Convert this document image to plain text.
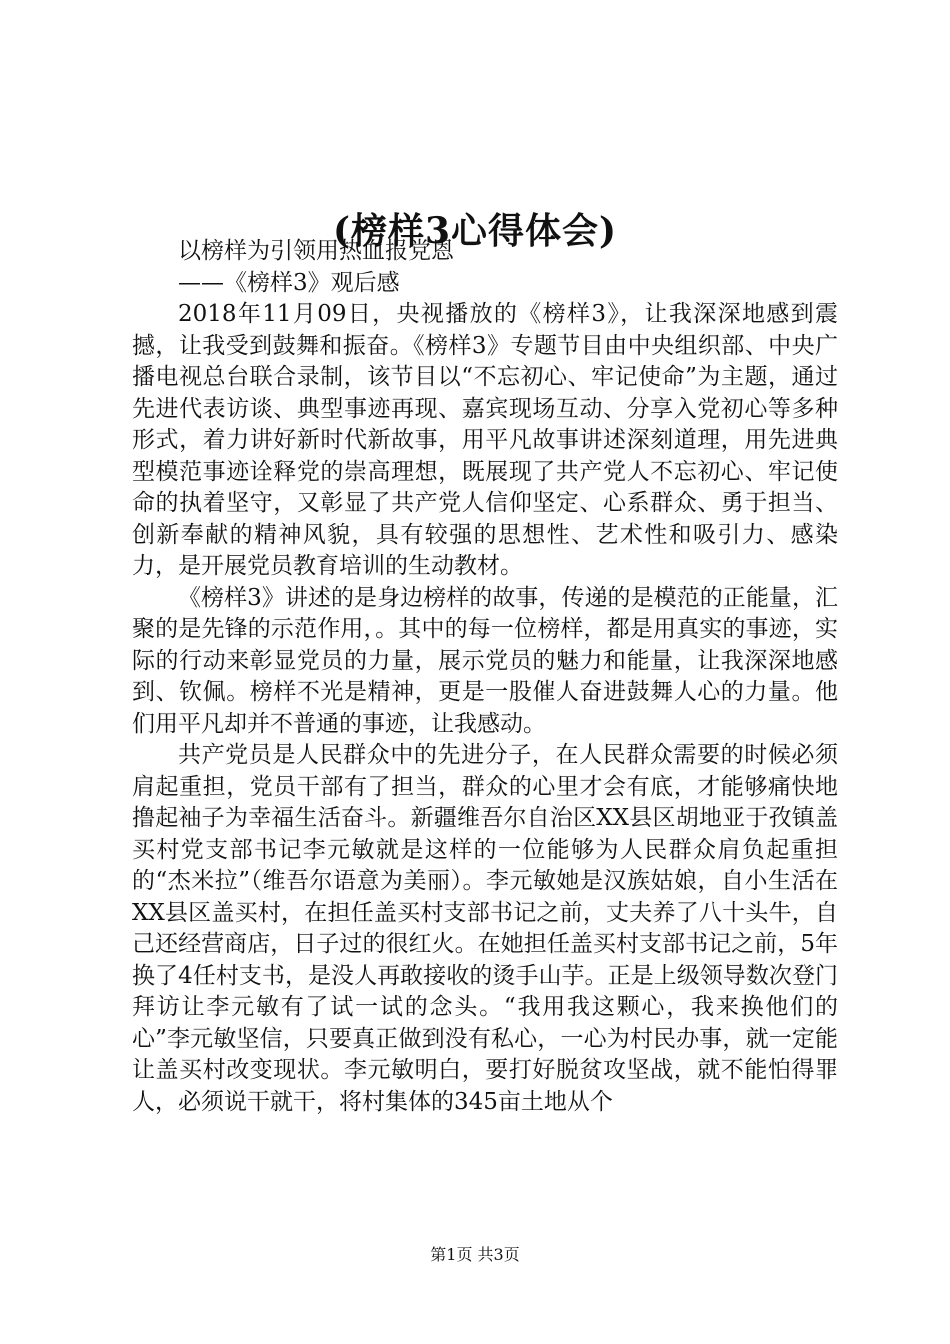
(榜样3心得体会)

以榜样为引领用热血报党恩

——《榜样3》观后感

2018年11月09日，央视播放的《榜样3》，让我深深地感到震撼，让我受到鼓舞和振奋。《榜样3》专题节目由中央组织部、中央广播电视总台联合录制，该节目以“不忘初心、牢记使命”为主题，通过先进代表访谈、典型事迹再现、嘉宾现场互动、分享入党初心等多种形式，着力讲好新时代新故事，用平凡故事讲述深刻道理，用先进典型模范事迹诠释党的崇高理想，既展现了共产党人不忘初心、牢记使命的执着坚守，又彰显了共产党人信仰坚定、心系群众、勇于担当、创新奉献的精神风貌，具有较强的思想性、艺术性和吸引力、感染力，是开展党员教育培训的生动教材。

《榜样3》讲述的是身边榜样的故事，传递的是模范的正能量，汇聚的是先锋的示范作用，。其中的每一位榜样，都是用真实的事迹，实际的行动来彰显党员的力量，展示党员的魅力和能量，让我深深地感到、钦佩。榜样不光是精神，更是一股催人奋进鼓舞人心的力量。他们用平凡却并不普通的事迹，让我感动。

共产党员是人民群众中的先进分子，在人民群众需要的时候必须肩起重担，党员干部有了担当，群众的心里才会有底，才能够痛快地撸起袖子为幸福生活奋斗。新疆维吾尔自治区XX县区胡地亚于孜镇盖买村党支部书记李元敏就是这样的一位能够为人民群众肩负起重担的“杰米拉”（维吾尔语意为美丽）。李元敏她是汉族姑娘，自小生活在XX县区盖买村，在担任盖买村支部书记之前，丈夫养了八十头牛，自己还经营商店，日子过的很红火。在她担任盖买村支部书记之前，5年换了4任村支书，是没人再敢接收的烫手山芋。正是上级领导数次登门拜访让李元敏有了试一试的念头。“我用我这颗心，我来换他们的心”李元敏坚信，只要真正做到没有私心，一心为村民办事，就一定能让盖买村改变现状。李元敏明白，要打好脱贫攻坚战，就不能怕得罪人，必须说干就干，将村集体的345亩土地从个

第1页 共3页
